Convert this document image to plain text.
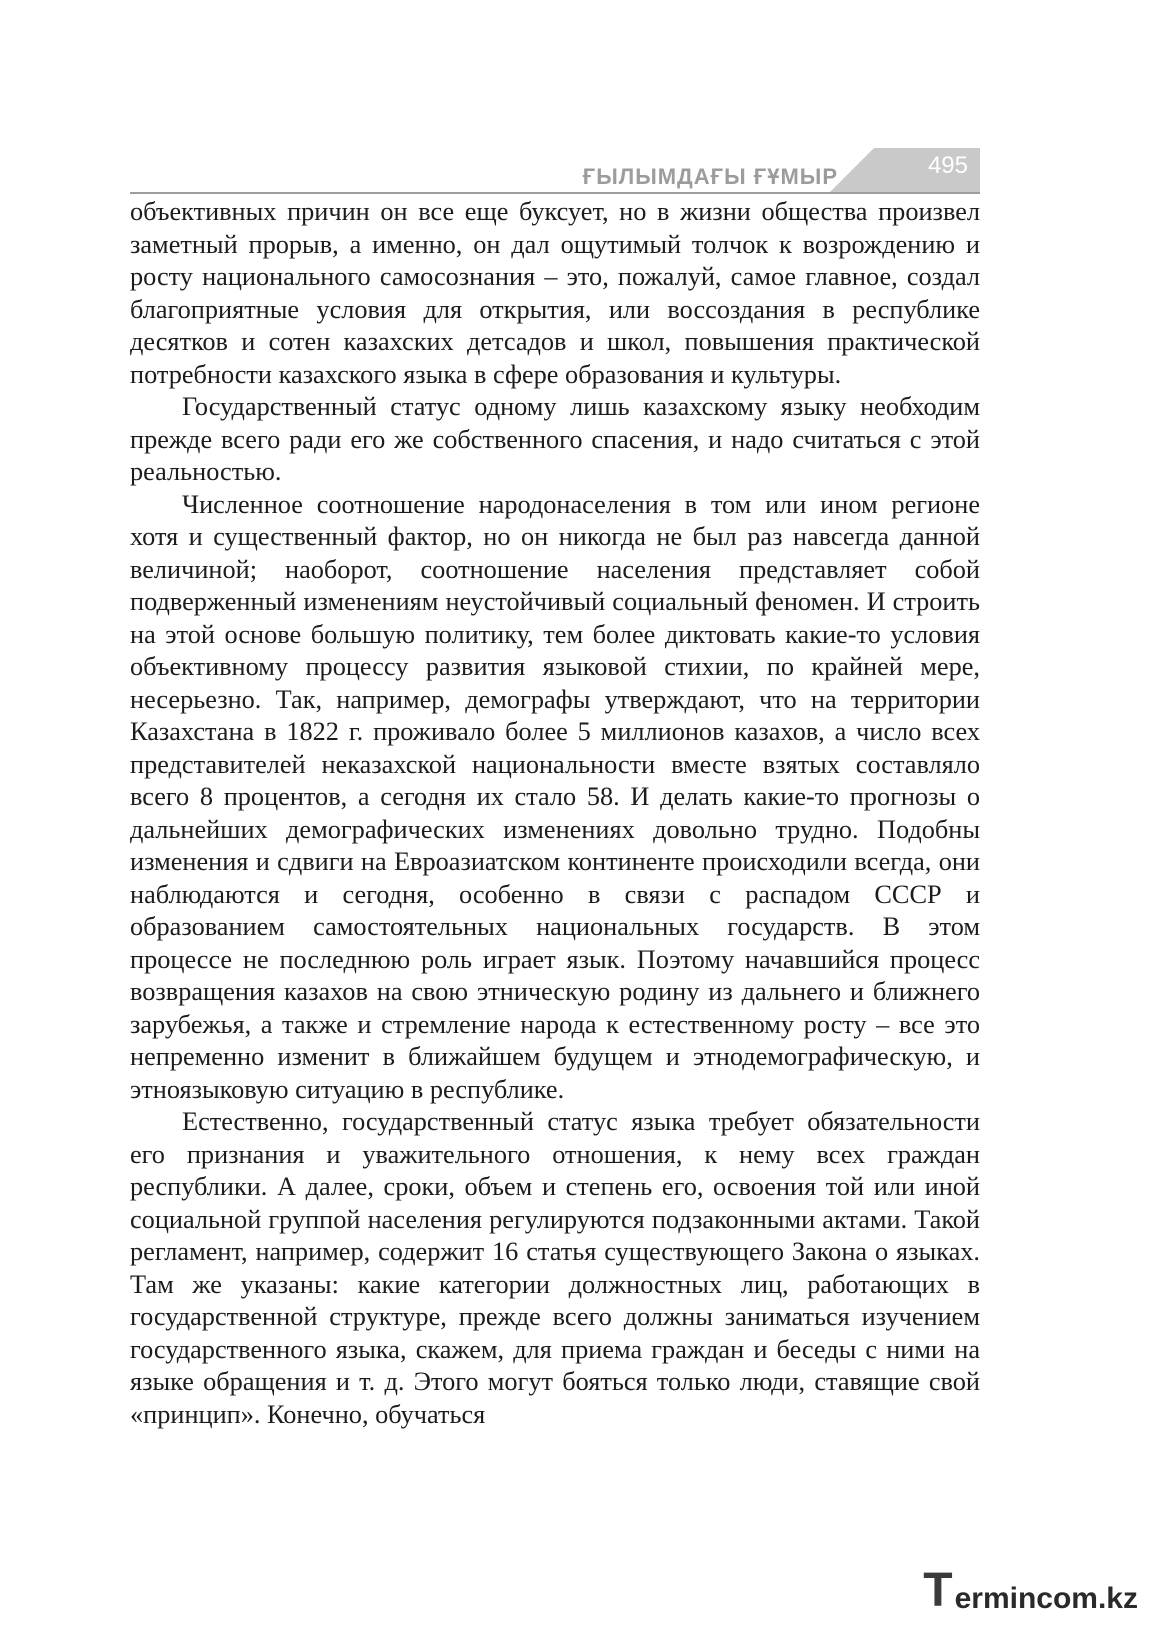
ҒЫЛЫМДАҒЫ ҒҰМЫР	495

объективных причин он все еще буксует, но в жизни общества произвел заметный прорыв, а именно, он дал ощутимый толчок к возрождению и росту национального самосознания – это, пожалуй, самое главное, создал благоприятные условия для открытия, или воссоздания в республике десятков и сотен казахских детсадов и школ, повышения практической потребности казахского языка в сфере образования и культуры.

Государственный статус одному лишь казахскому языку необходим прежде всего ради его же собственного спасения, и надо считаться с этой реальностью.

Численное соотношение народонаселения в том или ином регионе хотя и существенный фактор, но он никогда не был раз навсегда данной величиной; наоборот, соотношение населения представляет собой подверженный изменениям неустойчивый социальный феномен. И строить на этой основе большую политику, тем более диктовать какие-то условия объективному процессу развития языковой стихии, по крайней мере, несерьезно. Так, например, демографы утверждают, что на территории Казахстана в 1822 г. проживало более 5 миллионов казахов, а число всех представителей неказахской национальности вместе взятых составляло всего 8 процентов, а сегодня их стало 58. И делать какие-то прогнозы о дальнейших демографических изменениях довольно трудно. Подобны изменения и сдвиги на Евроазиатском континенте происходили всегда, они наблюдаются и сегодня, особенно в связи с распадом СССР и образованием самостоятельных национальных государств. В этом процессе не последнюю роль играет язык. Поэтому начавшийся процесс возвращения казахов на свою этническую родину из дальнего и ближнего зарубежья, а также и стремление народа к естественному росту – все это непременно изменит в ближайшем будущем и этнодемографическую, и этноязыковую ситуацию в республике.

Естественно, государственный статус языка требует обязательности его признания и уважительного отношения, к нему всех граждан республики. А далее, сроки, объем и степень его, освоения той или иной социальной группой населения регулируются подзаконными актами. Такой регламент, например, содержит 16 статья существующего Закона о языках. Там же указаны: какие категории должностных лиц, работающих в государственной структуре, прежде всего должны заниматься изучением государственного языка, скажем, для приема граждан и беседы с ними на языке обращения и т. д. Этого могут бояться только люди, ставящие свой «принцип». Конечно, обучаться

T ermincom.kz
